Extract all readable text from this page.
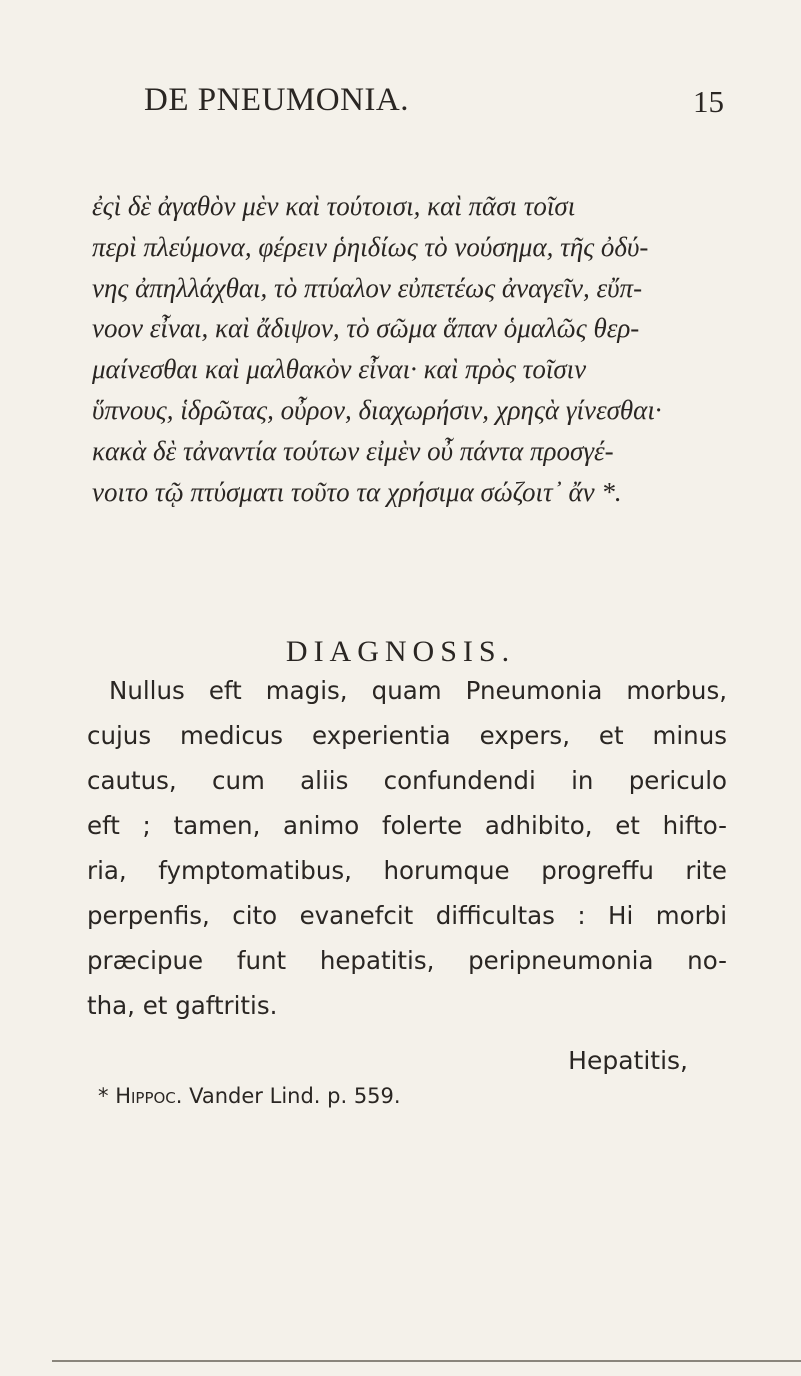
DE PNEUMONIA.	15
ἐςὶ δὲ ἀγαθὸν μὲν καὶ τούτοισι, καὶ πᾶσι τοῖσι
περὶ πλεύμονα, φέρειν ῥηιδίως τὸ νούσημα, τῆς ὀδύ-
νης ἀπηλλάχθαι, τὸ πτύαλον εὐπετέως ἀναγεῖν, εὔπ-
νοον εἶναι, καὶ ἄδιψον, τὸ σῶμα ἅπαν ὁμαλῶς θερ-
μαίνεσθαι καὶ μαλθακὸν εἶναι· καὶ πρὸς τοῖσιν
ὕπνους, ἱδρῶτας, οὖρον, διαχωρήσιν, χρηςὰ γίνεσθαι·
κακὰ δὲ τἀναντία τούτων εἰμὲν οὖ πάντα προσγέ-
νοιτο τῷ πτύσματι τοῦτο τα χρήσιμα σώζοιτ᾽ ἄν *.
DIAGNOSIS.
Nullus eft magis, quam Pneumonia morbus,
cujus medicus experientia expers, et minus
cautus, cum aliis confundendi in periculo
eft ; tamen, animo folerte adhibito, et hifto-
ria, fymptomatibus, horumque progreffu rite
perpenfis, cito evanefcit difficultas : Hi morbi
præcipue funt hepatitis, peripneumonia no-
tha, et gaftritis.
Hepatitis,
* Hippoc. Vander Lind. p. 559.
